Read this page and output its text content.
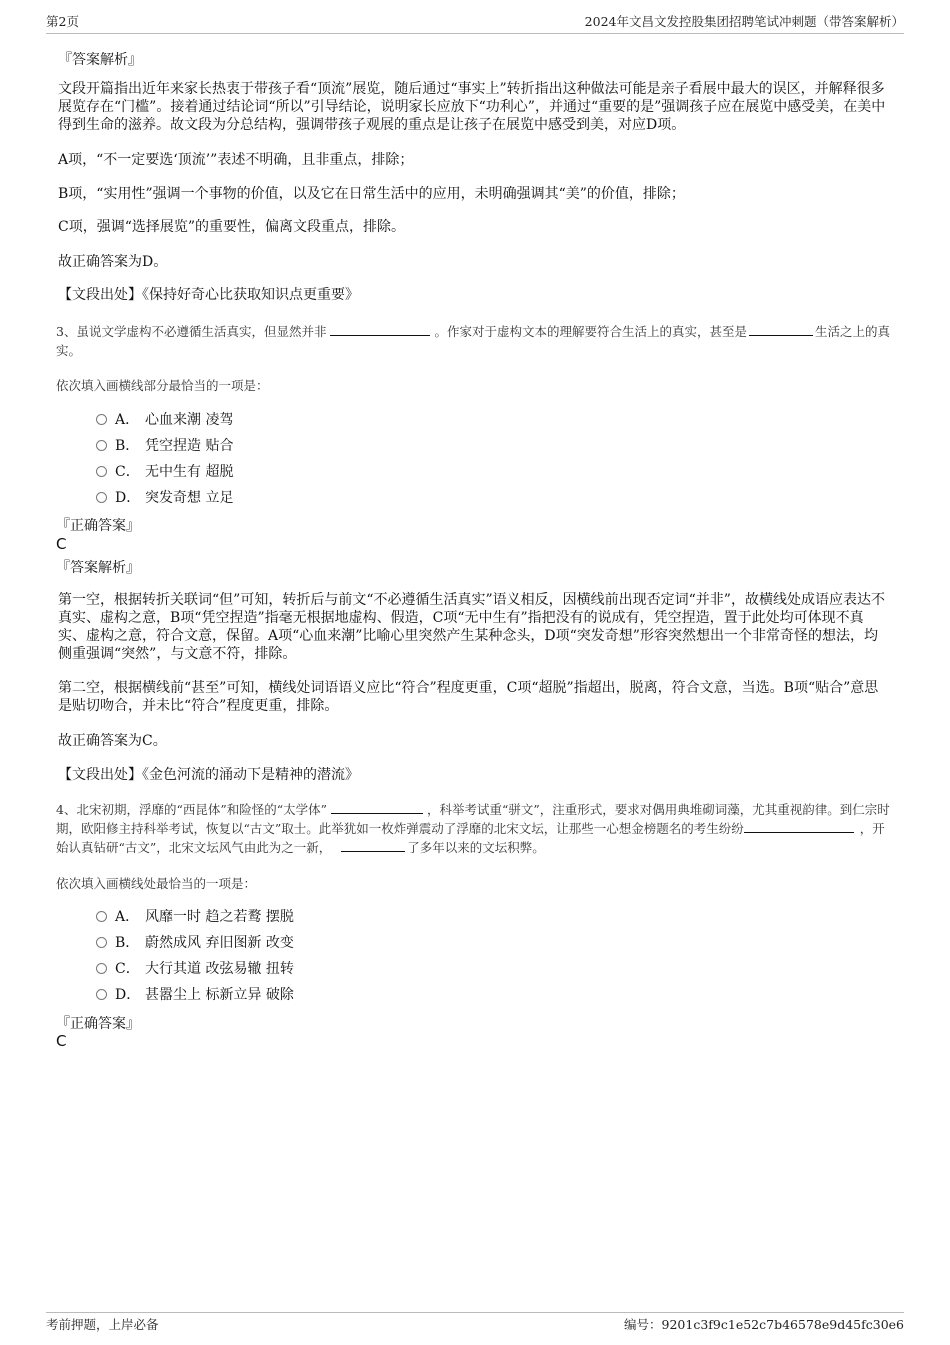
第2页	2024年文昌文发控股集团招聘笔试冲刺题（带答案解析）
『答案解析』
文段开篇指出近年来家长热衷于带孩子看“顶流”展览，随后通过“事实上”转折指出这种做法可能是亲子看展中最大的误区，并解释很多展览存在“门槛”。接着通过结论词“所以”引导结论，说明家长应放下“功利心”，并通过“重要的是”强调孩子应在展览中感受美，在美中得到生命的滋养。故文段为分总结构，强调带孩子观展的重点是让孩子在展览中感受到美，对应D项。
A项，“不一定要选‘顶流’”表述不明确，且非重点，排除；
B项，“实用性”强调一个事物的价值，以及它在日常生活中的应用，未明确强调其“美”的价值，排除；
C项，强调“选择展览”的重要性，偏离文段重点，排除。
故正确答案为D。
【文段出处】《保持好奇心比获取知识点更重要》
3、虽说文学虚构不必遵循生活真实，但显然并非	。作家对于虚构文本的理解要符合生活上的真实，甚至是	生活之上的真实。
依次填入画横线部分最恰当的一项是：
A． 心血来潮 凌驾
B． 凭空捏造 贴合
C． 无中生有 超脱
D． 突发奇想 立足
『正确答案』
C
『答案解析』
第一空，根据转折关联词“但”可知，转折后与前文“不必遵循生活真实”语义相反，因横线前出现否定词“并非”，故横线处成语应表达不真实、虚构之意，B项“凭空捏造”指毫无根据地虚构、假造，C项“无中生有”指把没有的说成有，凭空捏造，置于此处均可体现不真实、虚构之意，符合文意，保留。A项“心血来潮”比喻心里突然产生某种念头，D项“突发奇想”形容突然想出一个非常奇怪的想法，均侧重强调“突然”，与文意不符，排除。
第二空，根据横线前“甚至”可知，横线处词语语义应比“符合”程度更重，C项“超脱”指超出，脱离，符合文意，当选。B项“贴合”意思是贴切吻合，并未比“符合”程度更重，排除。
故正确答案为C。
【文段出处】《金色河流的涌动下是精神的潜流》
4、北宋初期，浮靡的“西昆体”和险怪的“太学体”	，科举考试重“骈文”，注重形式，要求对偶用典堆砌词藻，尤其重视韵律。到仁宗时期，欧阳修主持科举考试，恢复以“古文”取士。此举犹如一枚炸弹震动了浮靡的北宋文坛，让那些一心想金榜题名的考生纷纷	，开始认真钻研“古文”，北宋文坛风气由此为之一新，	了多年以来的文坛积弊。
依次填入画横线处最恰当的一项是：
A． 风靡一时 趋之若鹜 摆脱
B． 蔚然成风 弃旧图新 改变
C． 大行其道 改弦易辙 扭转
D． 甚嚣尘上 标新立异 破除
『正确答案』
C
考前押题，上岸必备	编号：9201c3f9c1e52c7b46578e9d45fc30e6
